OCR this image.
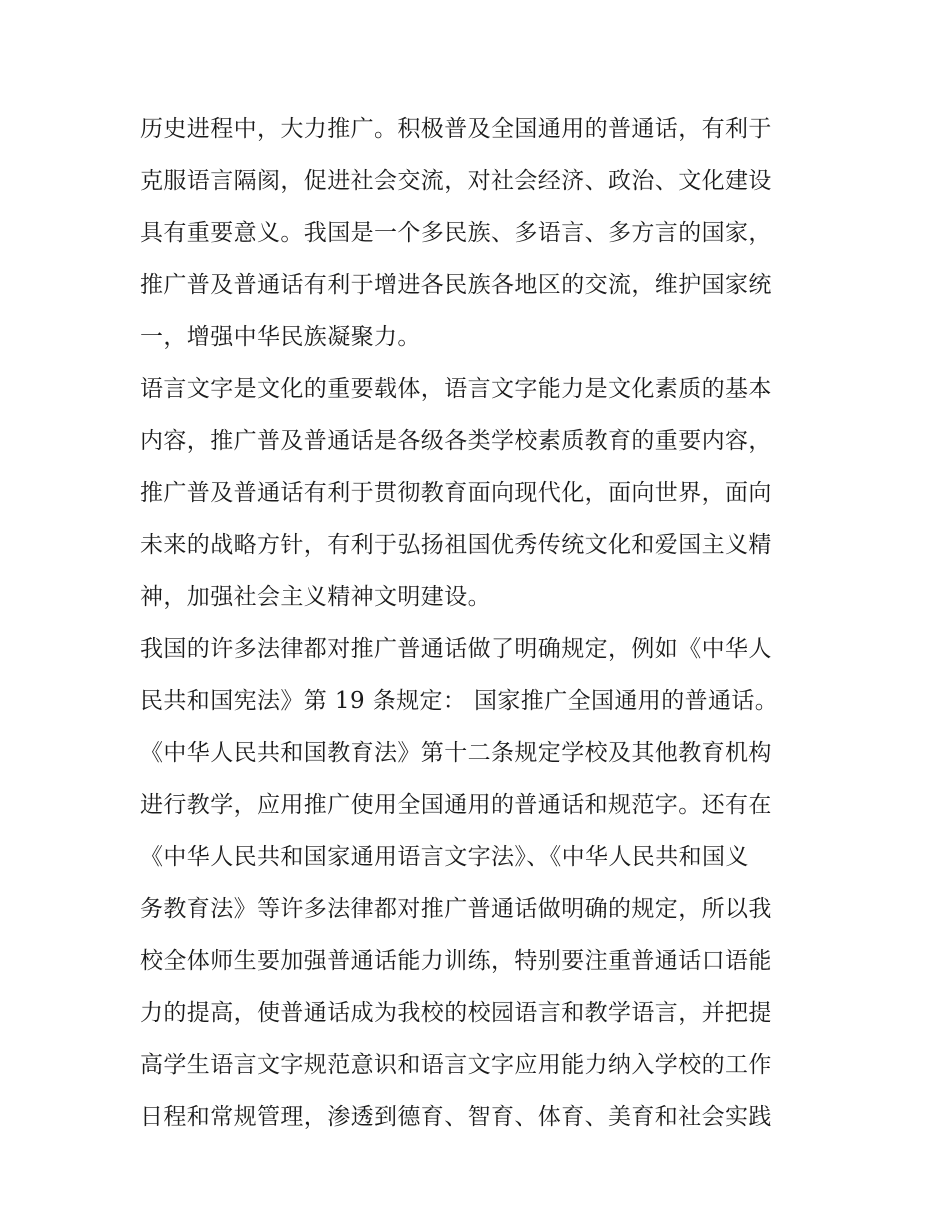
历史进程中，大力推广。积极普及全国通用的普通话，有利于
克服语言隔阂，促进社会交流，对社会经济、政治、文化建设
具有重要意义。我国是一个多民族、多语言、多方言的国家，
推广普及普通话有利于增进各民族各地区的交流，维护国家统
一，增强中华民族凝聚力。
语言文字是文化的重要载体，语言文字能力是文化素质的基本
内容，推广普及普通话是各级各类学校素质教育的重要内容，
推广普及普通话有利于贯彻教育面向现代化，面向世界，面向
未来的战略方针，有利于弘扬祖国优秀传统文化和爱国主义精
神，加强社会主义精神文明建设。
我国的许多法律都对推广普通话做了明确规定，例如《中华人
民共和国宪法》第 19 条规定： 国家推广全国通用的普通话。
《中华人民共和国教育法》第十二条规定学校及其他教育机构
进行教学，应用推广使用全国通用的普通话和规范字。还有在
《中华人民共和国家通用语言文字法》、《中华人民共和国义
务教育法》等许多法律都对推广普通话做明确的规定，所以我
校全体师生要加强普通话能力训练，特别要注重普通话口语能
力的提高，使普通话成为我校的校园语言和教学语言，并把提
高学生语言文字规范意识和语言文字应用能力纳入学校的工作
日程和常规管理，渗透到德育、智育、体育、美育和社会实践
